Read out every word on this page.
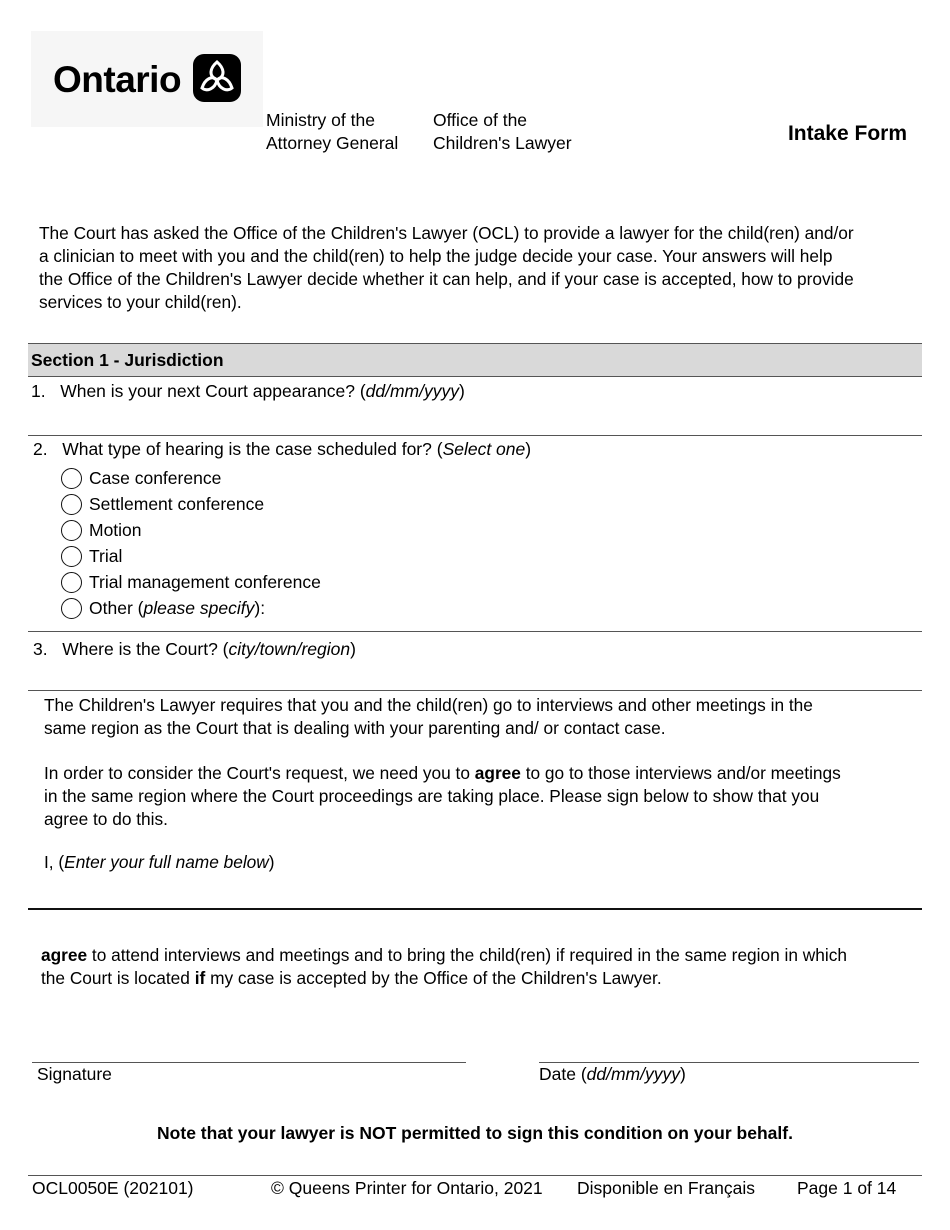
Ontario
Ministry of the
Attorney General
Office of the
Children's Lawyer	Intake Form
The Court has asked the Office of the Children's Lawyer (OCL) to provide a lawyer for the child(ren) and/or
a clinician to meet with you and the child(ren) to help the judge decide your case. Your answers will help
the Office of the Children's Lawyer decide whether it can help, and if your case is accepted, how to provide
services to your child(ren).
Section 1 - Jurisdiction
1. When is your next Court appearance? (dd/mm/yyyy)
2. What type of hearing is the case scheduled for? (Select one)
Case conference
Settlement conference
Motion
Trial
Trial management conference
Other (please specify):
3. Where is the Court? (city/town/region)
The Children's Lawyer requires that you and the child(ren) go to interviews and other meetings in the
same region as the Court that is dealing with your parenting and/ or contact case.
In order to consider the Court's request, we need you to agree to go to those interviews and/or meetings
in the same region where the Court proceedings are taking place. Please sign below to show that you
agree to do this.
I, (Enter your full name below)
agree to attend interviews and meetings and to bring the child(ren) if required in the same region in which
the Court is located if my case is accepted by the Office of the Children's Lawyer.
Signature	Date (dd/mm/yyyy)
Note that your lawyer is NOT permitted to sign this condition on your behalf.
OCL0050E (202101)	© Queens Printer for Ontario, 2021 Disponible en Français Page 1 of 14
